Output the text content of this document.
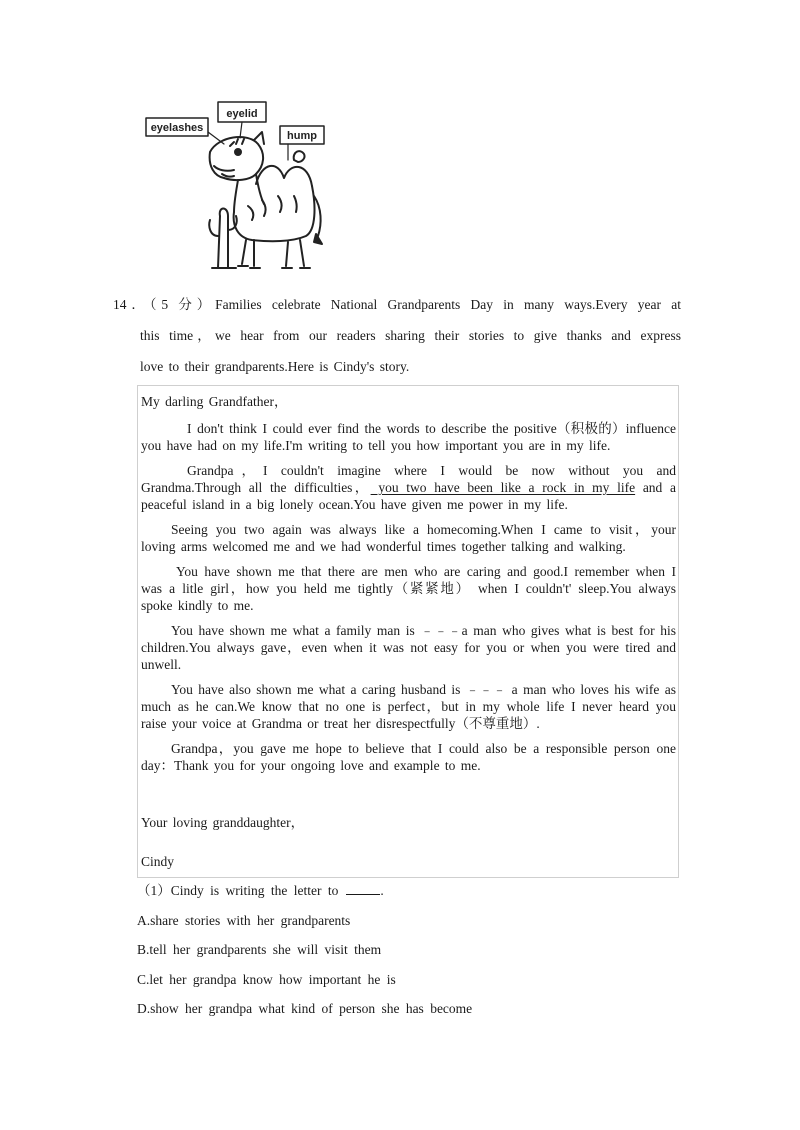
eyelid
eyelashes
hump
14．（5 分）Families celebrate National Grandparents Day in many ways.Every year at
this time，we hear from our readers sharing their stories to give thanks and express
love to their grandparents.Here is Cindy's story.

My darling Grandfather，

I don't think I could ever find the words to describe the positive（积极的）influence you have had on my life.I'm writing to tell you how important you are in my life.

Grandpa，I couldn't imagine where I would be now without you and Grandma.Through all the difficulties， you two have been like a rock in my life and a peaceful island in a big lonely ocean.You have given me power in my life.

Seeing you two again was always like a homecoming.When I came to visit，your loving arms welcomed me and we had wonderful times together talking and walking.

You have shown me that there are men who are caring and good.I remember when I was a litle girl，how you held me tightly（紧紧地） when I couldn't' sleep.You always spoke kindly to me.

You have shown me what a family man is ﹣﹣﹣a man who gives what is best for his children.You always gave，even when it was not easy for you or when you were tired and unwell.

You have also shown me what a caring husband is ﹣﹣﹣ a man who loves his wife as much as he can.We know that no one is perfect，but in my whole life I never heard you raise your voice at Grandma or treat her disrespectfully（不尊重地）.

Grandpa，you gave me hope to believe that I could also be a responsible person one day：Thank you for your ongoing love and example to me.

Your loving granddaughter，

Cindy

（1）Cindy is writing the letter to	.
A.share stories with her grandparents
B.tell her grandparents she will visit them
C.let her grandpa know how important he is
D.show her grandpa what kind of person she has become
